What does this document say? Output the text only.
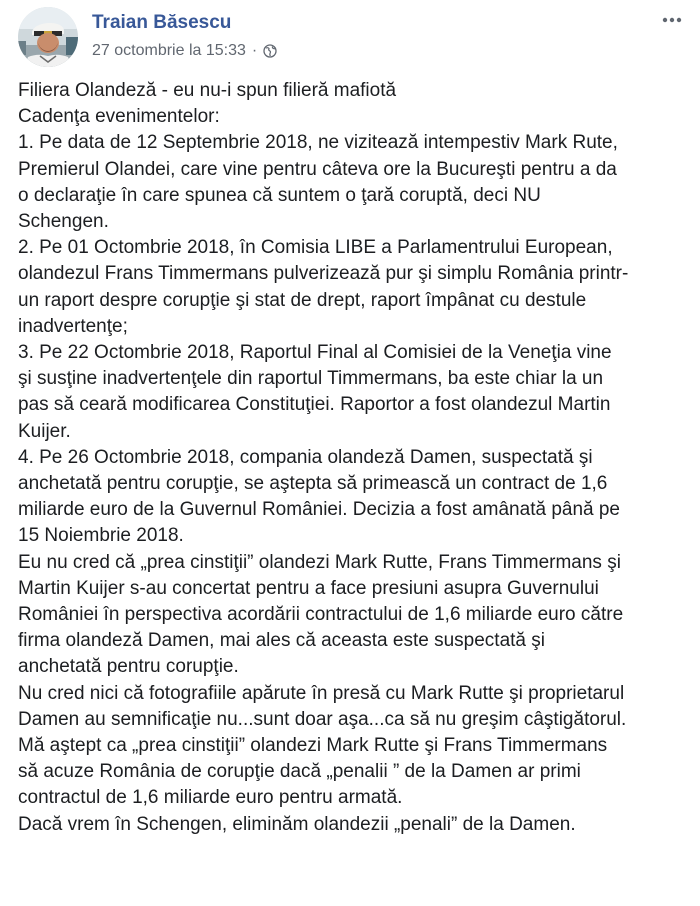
Traian Băsescu
27 octombrie la 15:33 ·
Filiera Olandeză - eu nu-i spun filieră mafiotă
Cadenţa evenimentelor:
1. Pe data de 12 Septembrie 2018, ne vizitează intempestiv Mark Rute,
Premierul Olandei, care vine pentru câteva ore la Bucureşti pentru a da
o declaraţie în care spunea că suntem o ţară coruptă, deci NU
Schengen.
2. Pe 01 Octombrie 2018, în Comisia LIBE a Parlamentrului European,
olandezul Frans Timmermans pulverizează pur şi simplu România printr-
un raport despre corupţie şi stat de drept, raport împânat cu destule
inadvertenţe;
3. Pe 22 Octombrie 2018, Raportul Final al Comisiei de la Veneţia vine
şi susţine inadvertenţele din raportul Timmermans, ba este chiar la un
pas să ceară modificarea Constituţiei. Raportor a fost olandezul Martin
Kuijer.
4. Pe 26 Octombrie 2018, compania olandeză Damen, suspectată şi
anchetată pentru corupţie, se aştepta să primească un contract de 1,6
miliarde euro de la Guvernul României. Decizia a fost amânată până pe
15 Noiembrie 2018.
Eu nu cred că „prea cinstiţii” olandezi Mark Rutte, Frans Timmermans şi
Martin Kuijer s-au concertat pentru a face presiuni asupra Guvernului
României în perspectiva acordării contractului de 1,6 miliarde euro către
firma olandeză Damen, mai ales că aceasta este suspectată şi
anchetată pentru corupţie.
Nu cred nici că fotografiile apărute în presă cu Mark Rutte şi proprietarul
Damen au semnificaţie nu...sunt doar aşa...ca să nu greşim câştigătorul.
Mă aştept ca „prea cinstiţii” olandezi Mark Rutte şi Frans Timmermans
să acuze România de corupţie dacă „penalii ” de la Damen ar primi
contractul de 1,6 miliarde euro pentru armată.
Dacă vrem în Schengen, eliminăm olandezii „penali” de la Damen.
